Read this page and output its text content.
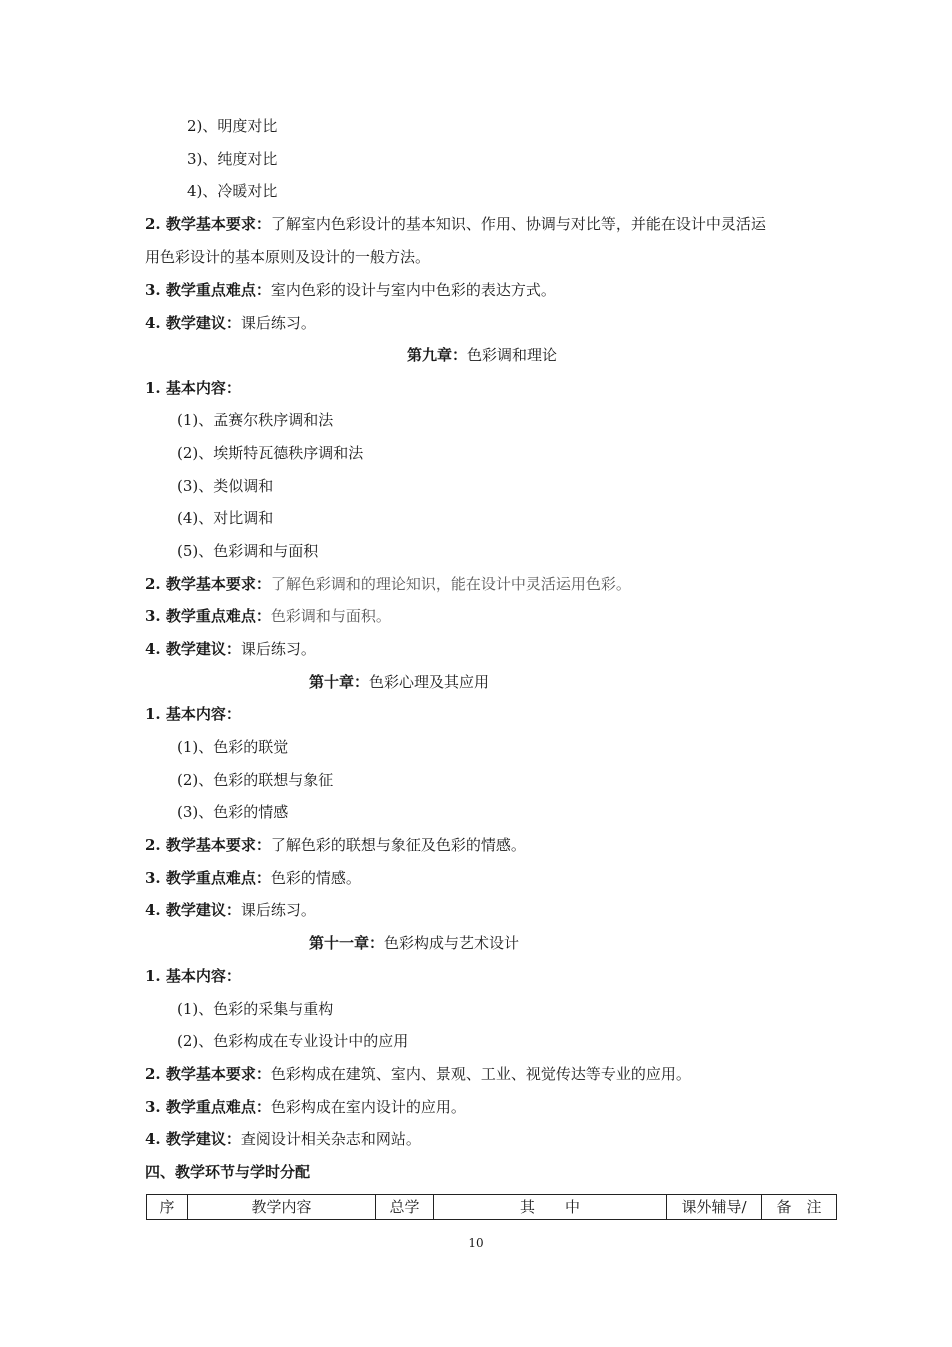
2)、明度对比
3)、纯度对比
4)、冷暖对比
2. 教学基本要求：了解室内色彩设计的基本知识、作用、协调与对比等，并能在设计中灵活运
用色彩设计的基本原则及设计的一般方法。
3. 教学重点难点：室内色彩的设计与室内中色彩的表达方式。
4. 教学建议：课后练习。
第九章：色彩调和理论
1. 基本内容：
(1)、孟赛尔秩序调和法
(2)、埃斯特瓦德秩序调和法
(3)、类似调和
(4)、对比调和
(5)、色彩调和与面积
2. 教学基本要求：了解色彩调和的理论知识，能在设计中灵活运用色彩。
3. 教学重点难点：色彩调和与面积。
4. 教学建议：课后练习。
第十章：色彩心理及其应用
1. 基本内容：
(1)、色彩的联觉
(2)、色彩的联想与象征
(3)、色彩的情感
2. 教学基本要求：了解色彩的联想与象征及色彩的情感。
3. 教学重点难点：色彩的情感。
4. 教学建议：课后练习。
第十一章：色彩构成与艺术设计
1. 基本内容：
(1)、色彩的采集与重构
(2)、色彩构成在专业设计中的应用
2. 教学基本要求：色彩构成在建筑、室内、景观、工业、视觉传达等专业的应用。
3. 教学重点难点：色彩构成在室内设计的应用。
4. 教学建议：查阅设计相关杂志和网站。
四、教学环节与学时分配
序	教学内容	总学	其　　中	课外辅导/	备　注
10
